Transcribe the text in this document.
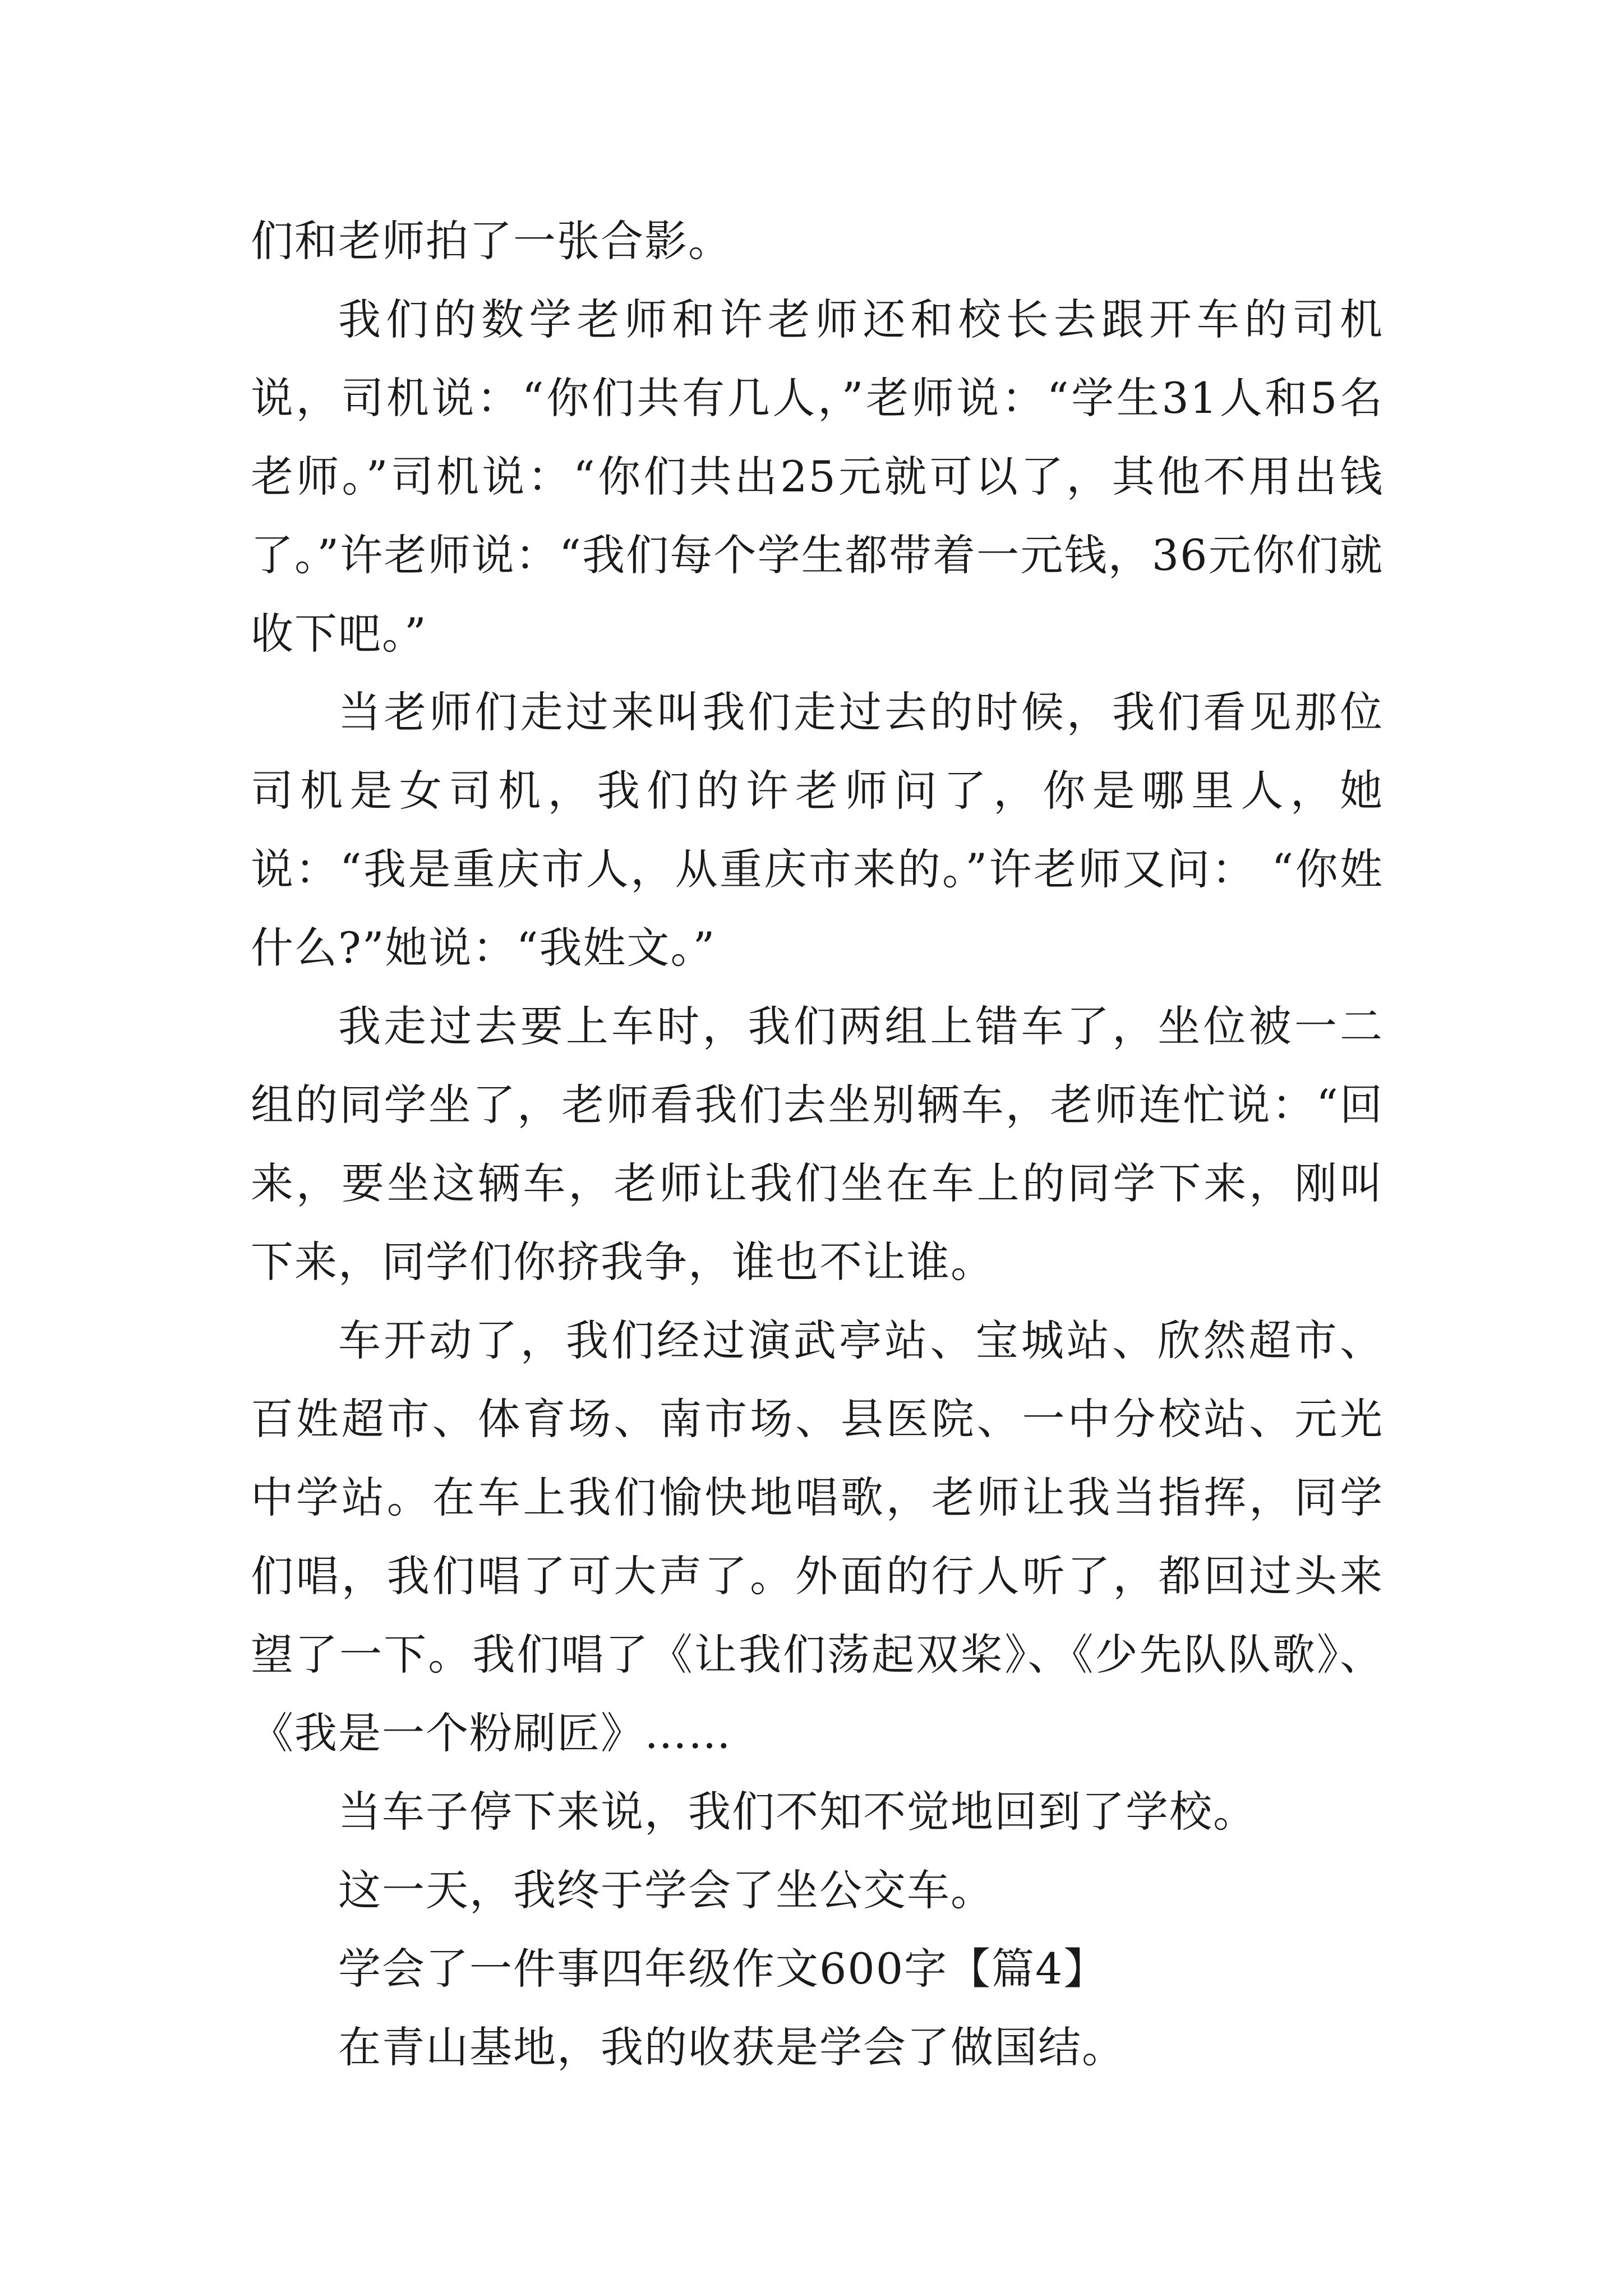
们和老师拍了一张合影。

我们的数学老师和许老师还和校长去跟开车的司机说，司机说：“你们共有几人，”老师说：“学生31人和5名老师。”司机说：“你们共出25元就可以了，其他不用出钱了。”许老师说：“我们每个学生都带着一元钱，36元你们就收下吧。”

当老师们走过来叫我们走过去的时候，我们看见那位司机是女司机，我们的许老师问了，你是哪里人，她说：“我是重庆市人，从重庆市来的。”许老师又问： “你姓什么?”她说：“我姓文。”

我走过去要上车时，我们两组上错车了，坐位被一二组的同学坐了，老师看我们去坐别辆车，老师连忙说：“回来，要坐这辆车，老师让我们坐在车上的同学下来，刚叫下来，同学们你挤我争，谁也不让谁。

车开动了，我们经过演武亭站、宝城站、欣然超市、百姓超市、体育场、南市场、县医院、一中分校站、元光中学站。在车上我们愉快地唱歌，老师让我当指挥，同学们唱，我们唱了可大声了。外面的行人听了，都回过头来望了一下。我们唱了《让我们荡起双桨》、《少先队队歌》、《我是一个粉刷匠》……

当车子停下来说，我们不知不觉地回到了学校。

这一天，我终于学会了坐公交车。

学会了一件事四年级作文600字【篇4】

在青山基地，我的收获是学会了做国结。
